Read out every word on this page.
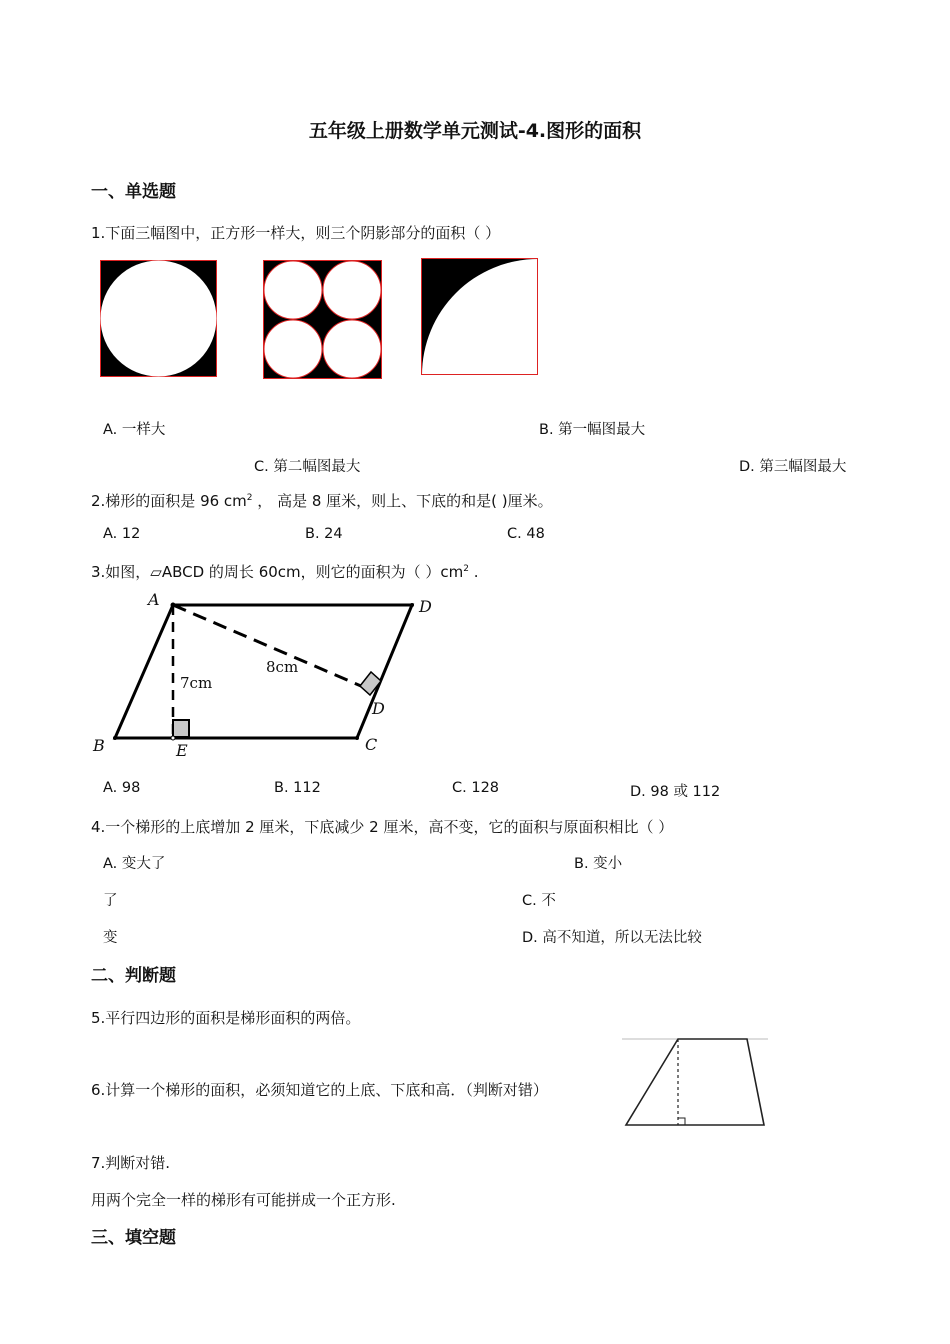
五年级上册数学单元测试-4.图形的面积
一、单选题
1.下面三幅图中，正方形一样大，则三个阴影部分的面积（ ）
A. 一样大	B. 第一幅图最大
C. 第二幅图最大	D. 第三幅图最大
2.梯形的面积是 96 $cm^2$ ， 高是 8 厘米，则上、下底的和是( )厘米。
A. 12	B. 24	C. 48
3.如图，▱ABCD 的周长 60cm，则它的面积为（ ）$cm^2$ .
A	D
B	C
D
E
7cm
8cm
A. 98	B. 112	C. 128	D. 98 或 112
4.一个梯形的上底增加 2 厘米，下底减少 2 厘米，高不变，它的面积与原面积相比（ ）
A. 变大了	B. 变小
了	C. 不
变	D. 高不知道，所以无法比较
二、判断题
5.平行四边形的面积是梯形面积的两倍。
6.计算一个梯形的面积，必须知道它的上底、下底和高．（判断对错）
7.判断对错.
用两个完全一样的梯形有可能拼成一个正方形.
三、填空题
